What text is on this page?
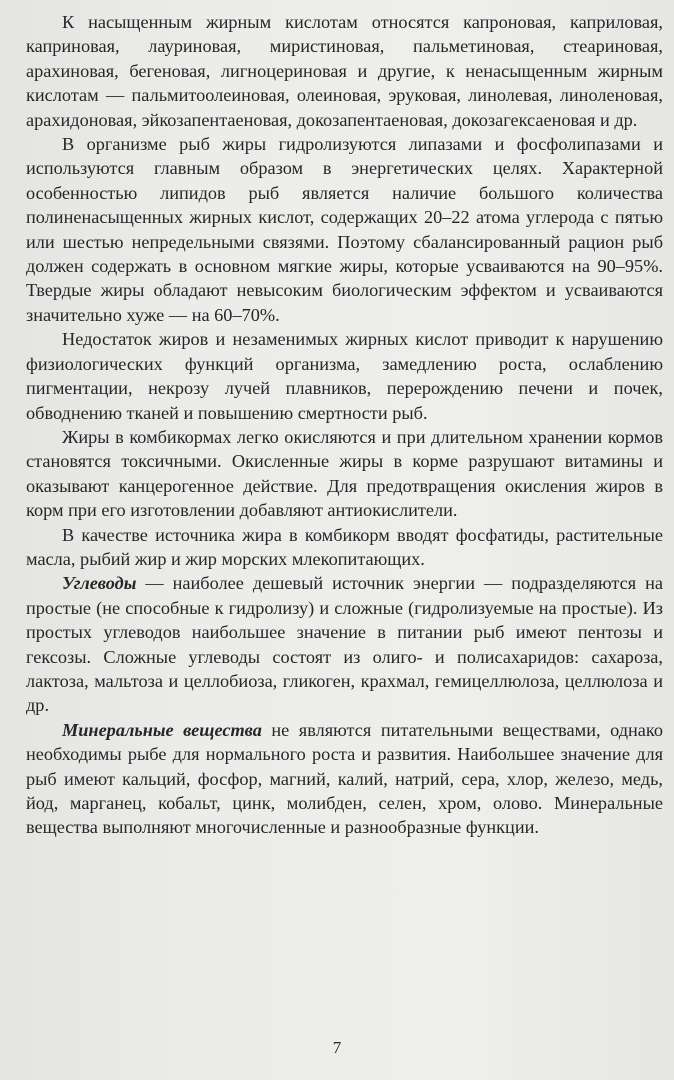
К насыщенным жирным кислотам относятся капроновая, каприловая, каприновая, лауриновая, миристиновая, пальметиновая, стеариновая, арахиновая, бегеновая, лигноцериновая и другие, к ненасыщенным жирным кислотам — пальмитоолеиновая, олеиновая, эруковая, линолевая, линоленовая, арахидоновая, эйкозапентаеновая, докозапентаеновая, докозагексаеновая и др.

В организме рыб жиры гидролизуются липазами и фосфолипазами и используются главным образом в энергетических целях. Характерной особенностью липидов рыб является наличие большого количества полиненасыщенных жирных кислот, содержащих 20–22 атома углерода с пятью или шестью непредельными связями. Поэтому сбалансированный рацион рыб должен содержать в основном мягкие жиры, которые усваиваются на 90–95%. Твердые жиры обладают невысоким биологическим эффектом и усваиваются значительно хуже — на 60–70%.

Недостаток жиров и незаменимых жирных кислот приводит к нарушению физиологических функций организма, замедлению роста, ослаблению пигментации, некрозу лучей плавников, перерождению печени и почек, обводнению тканей и повышению смертности рыб.

Жиры в комбикормах легко окисляются и при длительном хранении кормов становятся токсичными. Окисленные жиры в корме разрушают витамины и оказывают канцерогенное действие. Для предотвращения окисления жиров в корм при его изготовлении добавляют антиокислители.

В качестве источника жира в комбикорм вводят фосфатиды, растительные масла, рыбий жир и жир морских млекопитающих.

Углеводы — наиболее дешевый источник энергии — подразделяются на простые (не способные к гидролизу) и сложные (гидролизуемые на простые). Из простых углеводов наибольшее значение в питании рыб имеют пентозы и гексозы. Сложные углеводы состоят из олиго- и полисахаридов: сахароза, лактоза, мальтоза и целлобиоза, гликоген, крахмал, гемицеллюлоза, целлюлоза и др.

Минеральные вещества не являются питательными веществами, однако необходимы рыбе для нормального роста и развития. Наибольшее значение для рыб имеют кальций, фосфор, магний, калий, натрий, сера, хлор, железо, медь, йод, марганец, кобальт, цинк, молибден, селен, хром, олово. Минеральные вещества выполняют многочисленные и разнообразные функции.

7
